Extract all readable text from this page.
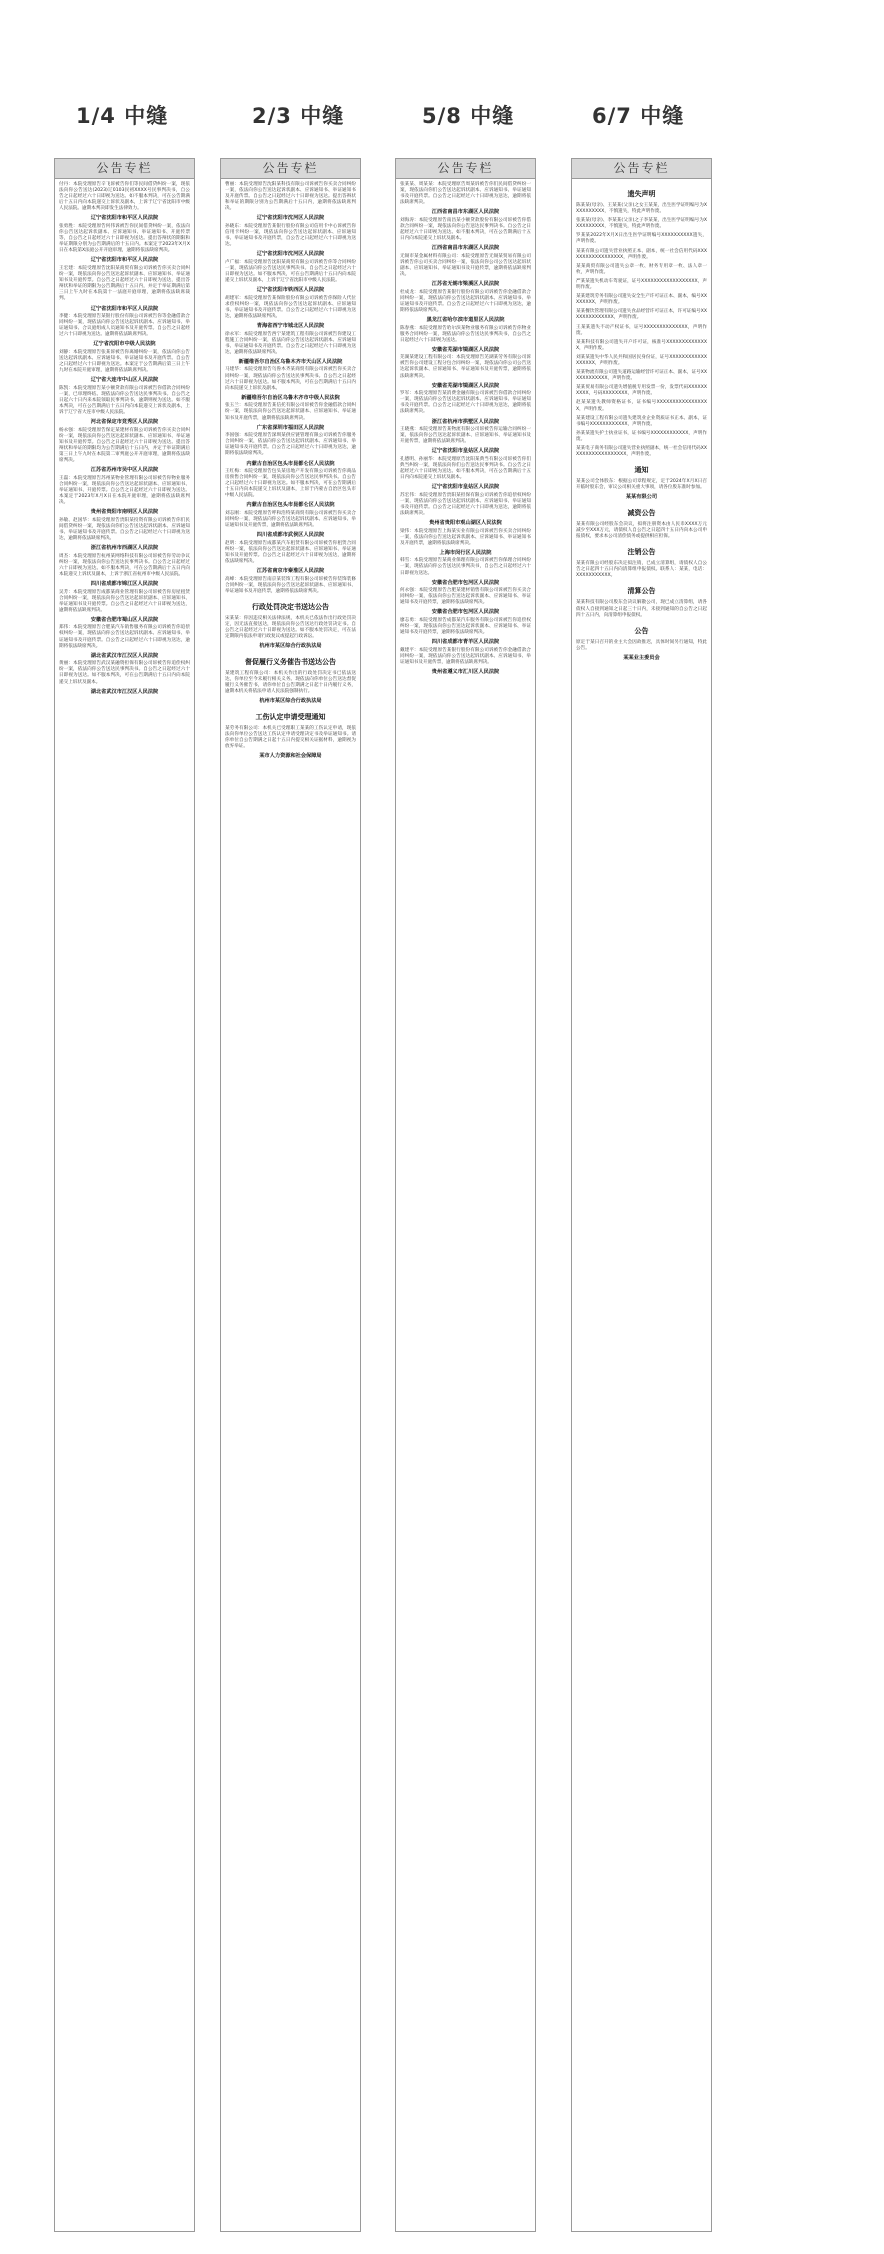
1/4 中缝	2/3 中缝	5/8 中缝	6/7 中缝
公告专栏

付丹：本院受理原告辛飞诉被告你们等民间借贷纠纷一案，现依法向你公告送达(2023)辽0103民初XXXX号民事判决书，自公告之日起经过六十日即视为送达。如不服本判决，可在公告期满后十五日内向本院递交上诉状及副本，上诉于辽宁省沈阳市中级人民法院。逾期本判决即发生法律效力。

辽宁省沈阳市和平区人民法院

张勇胜：本院受理原告何伟诉被告你民间借贷纠纷一案，依法向你公告送达起诉状副本、应诉通知书、举证通知书、开庭传票等，自公告之日起经过六十日即视为送达。提出答辩状的期限和举证期限分别为公告期满后的十五日内。本案定于2023年X月X日在本院第X法庭公开开庭审理，逾期将依法缺席判决。

辽宁省沈阳市和平区人民法院

王宏建：本院受理原告沈阳某商贸有限公司诉被告你买卖合同纠纷一案，现依法向你公告送达起诉状副本、应诉通知书、举证通知书及开庭传票。自公告之日起经过六十日即视为送达，提出答辩状和举证的期限为公告期满后十五日内，并定于举证期满后第三日上午九时在本院第十一法庭开庭审理，逾期将依法缺席裁判。

辽宁省沈阳市和平区人民法院

李健：本院受理原告某银行股份有限公司诉被告你等金融借款合同纠纷一案，现依法向你公告送达起诉状副本、应诉通知书、举证通知书、合议庭组成人员通知书及开庭传票。自公告之日起经过六十日即视为送达。逾期将依法缺席判决。

辽宁省沈阳市中级人民法院

刘静：本院受理原告张某诉被告你离婚纠纷一案，依法向你公告送达起诉状副本、应诉通知书、举证通知书及开庭传票。自公告之日起经过六十日即视为送达。本案定于公告期满后第三日上午九时在本院开庭审理，逾期将依法缺席判决。

辽宁省大连市中山区人民法院

陈凯：本院受理原告某小额贷款有限公司诉被告你借款合同纠纷一案，已审理终结。现依法向你公告送达民事判决书。自公告之日起六十日内来本院领取民事判决书，逾期则视为送达。如不服本判决，可在公告期满后十五日内向本院递交上诉状及副本，上诉于辽宁省大连市中级人民法院。

河北省保定市竞秀区人民法院

杨永强：本院受理原告保定某建材有限公司诉被告你买卖合同纠纷一案，现依法向你公告送达起诉状副本、应诉通知书、举证通知书及开庭传票。自公告之日起经过六十日即视为送达。提出答辩状和举证的期限均为公告期满后十五日内，并定于举证期满后第三日上午九时在本院第二审判庭公开开庭审理，逾期将依法缺席判决。

江苏省苏州市吴中区人民法院

王磊：本院受理原告苏州某物业管理有限公司诉被告你物业服务合同纠纷一案，现依法向你公告送达起诉状副本、应诉通知书、举证通知书、开庭传票。自公告之日起经过六十日即视为送达。本案定于2023年X月X日在本院开庭审理，逾期将依法缺席判决。

贵州省贵阳市南明区人民法院

孙敏、赵国华：本院受理原告贵阳某投资有限公司诉被告你们民间借贷纠纷一案，现依法向你们公告送达起诉状副本、应诉通知书、举证通知书及开庭传票。自公告之日起经过六十日即视为送达，逾期将依法缺席判决。

浙江省杭州市西湖区人民法院

周杰：本院受理原告杭州某网络科技有限公司诉被告你劳动争议纠纷一案，现依法向你公告送达民事判决书。自公告之日起经过六十日即视为送达。如不服本判决，可在公告期满后十五日内向本院递交上诉状及副本，上诉于浙江省杭州市中级人民法院。

四川省成都市锦江区人民法院

吴芳：本院受理原告成都某商业管理有限公司诉被告你房屋租赁合同纠纷一案，现依法向你公告送达起诉状副本、应诉通知书、举证通知书及开庭传票。自公告之日起经过六十日即视为送达，逾期将依法缺席判决。

安徽省合肥市蜀山区人民法院

郑伟：本院受理原告合肥某汽车销售服务有限公司诉被告你追偿权纠纷一案，现依法向你公告送达起诉状副本、应诉通知书、举证通知书及开庭传票。自公告之日起经过六十日即视为送达，逾期将依法缺席判决。

湖北省武汉市江汉区人民法院

黄丽：本院受理原告武汉某融资担保有限公司诉被告你追偿权纠纷一案，依法向你公告送达民事判决书。自公告之日起经过六十日即视为送达。如不服本判决，可在公告期满后十五日内向本院递交上诉状及副本。

湖北省武汉市江汉区人民法院
公告专栏

曹丽：本院受理原告沈阳某科技有限公司诉被告你买卖合同纠纷一案，依法向你公告送达起诉状副本、应诉通知书、举证通知书及开庭传票。自公告之日起经过六十日即视为送达。提出答辩状和举证的期限分别为公告期满后十五日内，逾期将依法缺席判决。

辽宁省沈阳市沈河区人民法院

孙晓东：本院受理原告某银行股份有限公司信用卡中心诉被告你信用卡纠纷一案，现依法向你公告送达起诉状副本、应诉通知书、举证通知书及开庭传票，自公告之日起经过六十日即视为送达。

辽宁省沈阳市沈河区人民法院

卢广福：本院受理原告沈阳某商贸有限公司诉被告你等合同纠纷一案，现依法向你公告送达民事判决书。自公告之日起经过六十日即视为送达。如不服本判决，可在公告期满后十五日内向本院递交上诉状及副本，上诉于辽宁省沈阳市中级人民法院。

辽宁省沈阳市铁西区人民法院

胡建军：本院受理原告某保险股份有限公司诉被告你保险人代位求偿权纠纷一案，现依法向你公告送达起诉状副本、应诉通知书、举证通知书及开庭传票。自公告之日起经过六十日即视为送达，逾期将依法缺席判决。

青海省西宁市城北区人民法院

徐永军：本院受理原告西宁某建筑工程有限公司诉被告你建设工程施工合同纠纷一案，依法向你公告送达起诉状副本、应诉通知书、举证通知书及开庭传票。自公告之日起经过六十日即视为送达，逾期将依法缺席判决。

新疆维吾尔自治区乌鲁木齐市天山区人民法院

马建华：本院受理原告乌鲁木齐某商贸有限公司诉被告你买卖合同纠纷一案，现依法向你公告送达民事判决书。自公告之日起经过六十日即视为送达。如不服本判决，可在公告期满后十五日内向本院递交上诉状及副本。

新疆维吾尔自治区乌鲁木齐市中级人民法院

张玉兰：本院受理原告某信托有限公司诉被告你金融借款合同纠纷一案，现依法向你公告送达起诉状副本、应诉通知书、举证通知书及开庭传票，逾期将依法缺席判决。

广东省深圳市福田区人民法院

李国强：本院受理原告深圳某供应链管理有限公司诉被告你服务合同纠纷一案，依法向你公告送达起诉状副本、应诉通知书、举证通知书及开庭传票。自公告之日起经过六十日即视为送达，逾期将依法缺席判决。

内蒙古自治区包头市昆都仑区人民法院

王红梅：本院受理原告包头某房地产开发有限公司诉被告你商品房预售合同纠纷一案，现依法向你公告送达民事判决书。自公告之日起经过六十日即视为送达。如不服本判决，可在公告期满后十五日内向本院递交上诉状及副本，上诉于内蒙古自治区包头市中级人民法院。

内蒙古自治区包头市昆都仑区人民法院

刘志刚：本院受理原告呼和浩特某商贸有限公司诉被告你买卖合同纠纷一案，现依法向你公告送达起诉状副本、应诉通知书、举证通知书及开庭传票，逾期将依法缺席判决。

四川省成都市武侯区人民法院

赵明：本院受理原告成都某汽车租赁有限公司诉被告你租赁合同纠纷一案，依法向你公告送达起诉状副本、应诉通知书、举证通知书及开庭传票。自公告之日起经过六十日即视为送达，逾期将依法缺席判决。

江苏省南京市秦淮区人民法院

高峰：本院受理原告南京某装饰工程有限公司诉被告你装饰装修合同纠纷一案，现依法向你公告送达起诉状副本、应诉通知书、举证通知书及开庭传票，逾期将依法缺席判决。

行政处罚决定书送达公告

宋某某：你因违反相关法律法规，本机关已依法作出行政处罚决定，因无法直接送达，现依法向你公告送达行政处罚决定书。自公告之日起经过六十日即视为送达。如不服本处罚决定，可在法定期限内依法申请行政复议或提起行政诉讼。

杭州市某区综合行政执法局
督促履行义务催告书送达公告

某建筑工程有限公司：本机关作出的行政处罚决定书已依法送达，你单位至今未履行相关义务。现依法向你单位公告送达督促履行义务催告书，请你单位自公告期满之日起十日内履行义务，逾期本机关将依法申请人民法院强制执行。

杭州市某区综合行政执法局
工伤认定申请受理通知

某劳务有限公司：本机关已受理职工某某的工伤认定申请，现依法向你单位公告送达工伤认定申请受理决定书及举证通知书。请你单位自公告期满之日起十五日内提交相关证据材料，逾期视为放弃举证。

某市人力资源和社会保障局
公告专栏

张某某、周某某：本院受理原告周某诉被告你们民间借贷纠纷一案，现依法向你们公告送达起诉状副本、应诉通知书、举证通知书及开庭传票。自公告之日起经过六十日即视为送达，逾期将依法缺席判决。

江西省南昌市东湖区人民法院

刘海涛：本院受理原告南昌某小额贷款股份有限公司诉被告你借款合同纠纷一案，现依法向你公告送达民事判决书。自公告之日起经过六十日即视为送达。如不服本判决，可在公告期满后十五日内向本院递交上诉状及副本。

江西省南昌市东湖区人民法院

无锡市某金属材料有限公司：本院受理原告无锡某贸易有限公司诉被告你公司买卖合同纠纷一案，依法向你公司公告送达起诉状副本、应诉通知书、举证通知书及开庭传票，逾期将依法缺席判决。

江苏省无锡市梁溪区人民法院

杜成龙：本院受理原告某银行股份有限公司诉被告你金融借款合同纠纷一案，现依法向你公告送达起诉状副本、应诉通知书、举证通知书及开庭传票。自公告之日起经过六十日即视为送达，逾期将依法缺席判决。

黑龙江省哈尔滨市道里区人民法院

陈春燕：本院受理原告哈尔滨某物业服务有限公司诉被告你物业服务合同纠纷一案，现依法向你公告送达民事判决书，自公告之日起经过六十日即视为送达。

安徽省芜湖市镜湖区人民法院

芜湖某建设工程有限公司：本院受理原告芜湖某劳务有限公司诉被告你公司建设工程分包合同纠纷一案，现依法向你公司公告送达起诉状副本、应诉通知书、举证通知书及开庭传票，逾期将依法缺席判决。

安徽省芜湖市镜湖区人民法院

罗军：本院受理原告某消费金融有限公司诉被告你借款合同纠纷一案，现依法向你公告送达起诉状副本、应诉通知书、举证通知书及开庭传票。自公告之日起经过六十日即视为送达，逾期将依法缺席判决。

浙江省杭州市拱墅区人民法院

王晓燕：本院受理原告某物流有限公司诉被告你运输合同纠纷一案，依法向你公告送达起诉状副本、应诉通知书、举证通知书及开庭传票，逾期将依法缺席判决。

辽宁省沈阳市皇姑区人民法院

孔德明、孙丽华：本院受理原告沈阳某典当有限公司诉被告你们典当纠纷一案，现依法向你们公告送达民事判决书。自公告之日起经过六十日即视为送达。如不服本判决，可在公告期满后十五日内向本院递交上诉状及副本。

辽宁省沈阳市皇姑区人民法院

苏宏伟：本院受理原告贵阳某担保有限公司诉被告你追偿权纠纷一案，现依法向你公告送达起诉状副本、应诉通知书、举证通知书及开庭传票。自公告之日起经过六十日即视为送达，逾期将依法缺席判决。

贵州省贵阳市观山湖区人民法院

梁伟：本院受理原告上海某实业有限公司诉被告你买卖合同纠纷一案，依法向你公告送达起诉状副本、应诉通知书、举证通知书及开庭传票，逾期将依法缺席判决。

上海市闵行区人民法院

韩雪：本院受理原告某商业保理有限公司诉被告你保理合同纠纷一案，现依法向你公告送达民事判决书，自公告之日起经过六十日即视为送达。

安徽省合肥市包河区人民法院

何永强：本院受理原告合肥某建材销售有限公司诉被告你买卖合同纠纷一案，依法向你公告送达起诉状副本、应诉通知书、举证通知书及开庭传票，逾期将依法缺席判决。

安徽省合肥市包河区人民法院

廖志勇：本院受理原告成都某汽车服务有限公司诉被告你追偿权纠纷一案，现依法向你公告送达起诉状副本、应诉通知书、举证通知书及开庭传票，逾期将依法缺席判决。

四川省成都市青羊区人民法院

戴建平：本院受理原告某银行股份有限公司诉被告你金融借款合同纠纷一案，现依法向你公告送达起诉状副本、应诉通知书、举证通知书及开庭传票，逾期将依法缺席判决。

贵州省遵义市汇川区人民法院
公告专栏
遗失声明

陈某某(母亲)、王某某(父亲)之女王某某，出生医学证明编号为XXXXXXXXXX，不慎遗失，特此声明作废。

张某某(母亲)、李某某(父亲)之子李某某，出生医学证明编号为XXXXXXXXXX，不慎遗失，特此声明作废。

罗某某2022年X月X日出生医学证明编号XXXXXXXXXX遗失，声明作废。

某某有限公司遗失营业执照正本、副本，统一社会信用代码XXXXXXXXXXXXXXXXXX，声明作废。

某某商贸有限公司遗失公章一枚、财务专用章一枚、法人章一枚，声明作废。

严某某遗失机动车驾驶证，证号XXXXXXXXXXXXXXXXXX，声明作废。

某某建筑劳务有限公司遗失安全生产许可证正本、副本，编号XXXXXXXX，声明作废。

某某餐饮管理有限公司遗失食品经营许可证正本，许可证编号XXXXXXXXXXXXXX，声明作废。

王某某遗失不动产权证书，证号XXXXXXXXXXXXXX，声明作废。

某某科技有限公司遗失开户许可证，核准号XXXXXXXXXXXXXX，声明作废。

刘某某遗失中华人民共和国居民身份证，证号XXXXXXXXXXXXXXXXXX，声明作废。

某某物流有限公司遗失道路运输经营许可证正本、副本，证号XXXXXXXXXXXX，声明作废。

某某贸易有限公司遗失增值税专用发票一份，发票代码XXXXXXXXXX，号码XXXXXXXX，声明作废。

赵某某遗失教师资格证书，证书编号XXXXXXXXXXXXXXXXX，声明作废。

某某建设工程有限公司遗失建筑业企业资质证书正本、副本，证书编号XXXXXXXXXXXX，声明作废。

孙某某遗失护士执业证书，证书编号XXXXXXXXXXXX，声明作废。

某某电子商务有限公司遗失营业执照副本，统一社会信用代码XXXXXXXXXXXXXXXXXX，声明作废。

通知

某某公司全体股东：根据公司章程规定，定于2024年X月X日召开临时股东会，审议公司相关重大事项，请各位股东准时参加。

某某有限公司
减资公告

某某有限公司经股东会决议，拟将注册资本由人民币XXXX万元减少至XXX万元，请债权人自公告之日起四十五日内向本公司申报债权，要求本公司清偿债务或提供相应担保。

注销公告

某某有限公司经股东决定拟注销，已成立清算组，请债权人自公告之日起四十五日内向清算组申报债权。联系人：某某，电话：XXXXXXXXXXX。

清算公告

某某科技有限公司股东会决议解散公司，现已成立清算组，请各债权人自接到通知之日起三十日内，未接到通知的自公告之日起四十五日内，向清算组申报债权。

公告

原定于某日召开的业主大会因故推迟，具体时间另行通知，特此公告。

某某业主委员会
